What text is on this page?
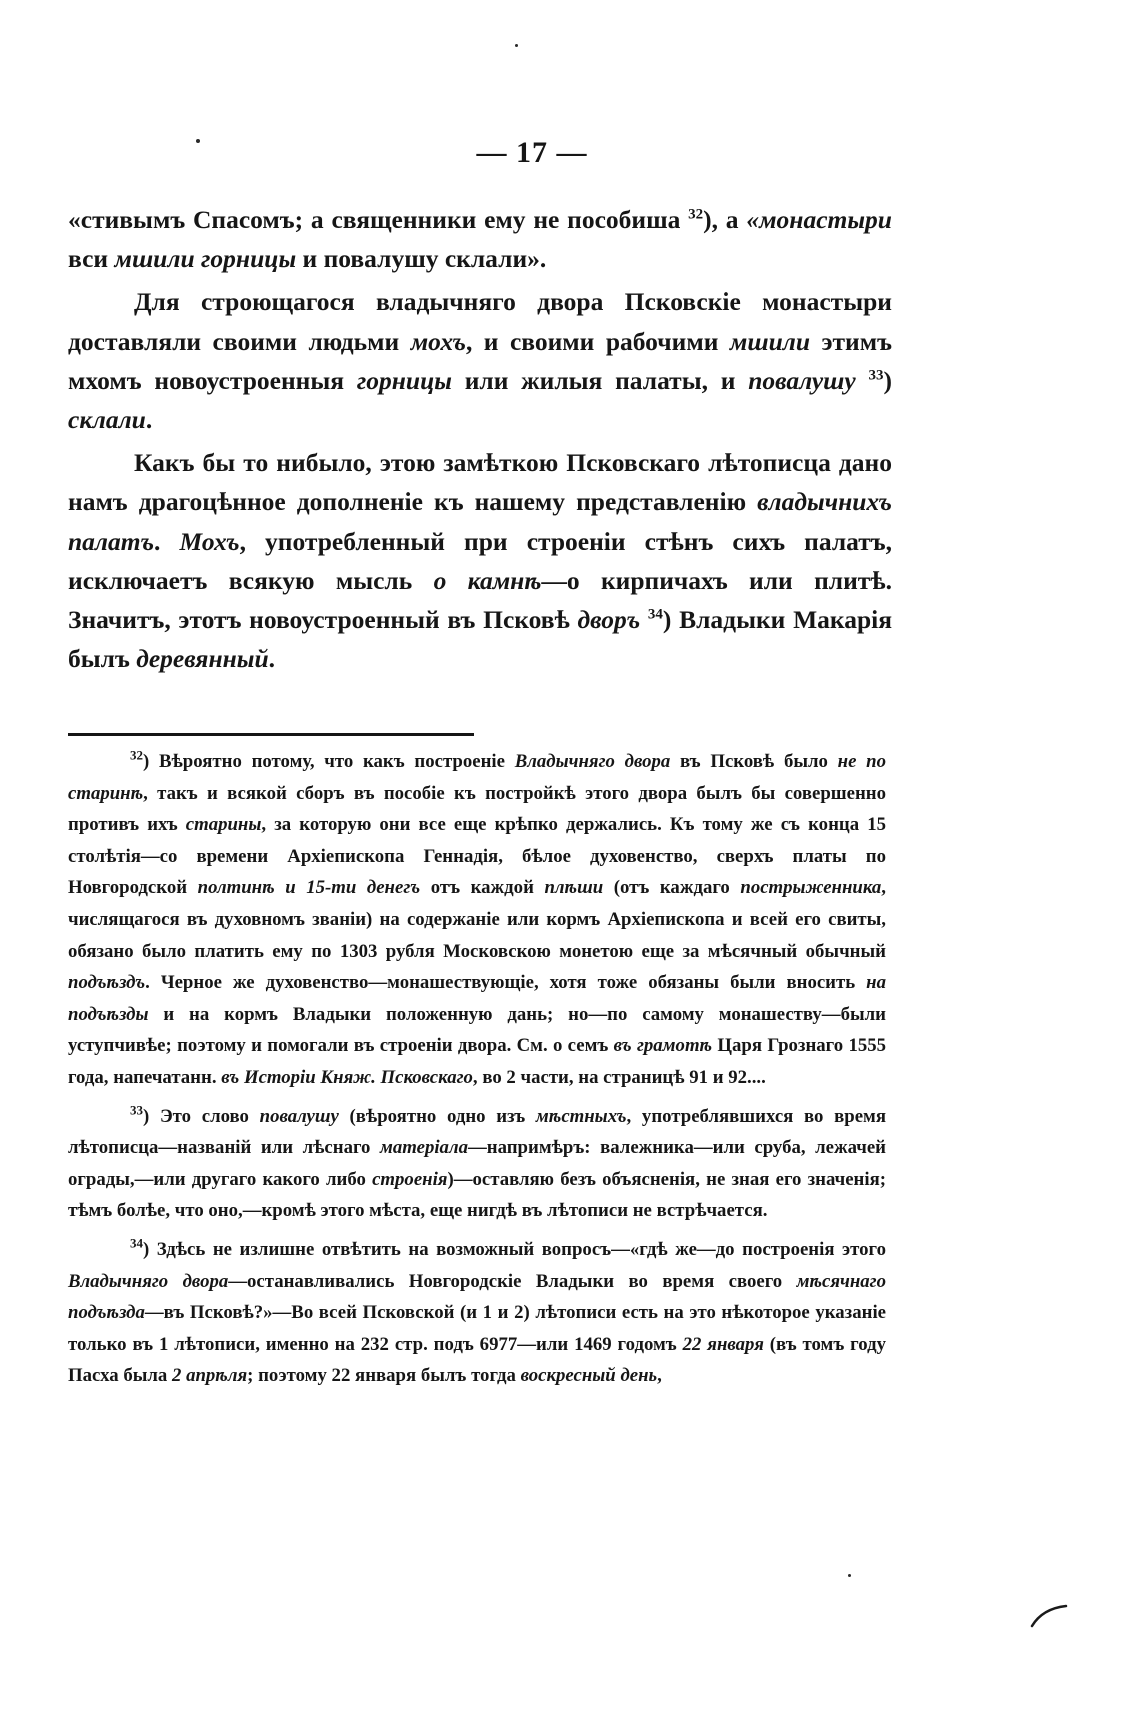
— 17 —

«стивымъ Спасомъ; а священники ему не пособиша $^{32}$), а «монастыри вси мшили горницы и повалушу склали».

Для строющагося владычняго двора Псковскіе монастыри доставляли своими людьми мохъ, и своими рабочими мшили этимъ мхомъ новоустроенныя горницы или жилыя палаты, и повалушу $^{33}$) склали.

Какъ бы то нибыло, этою замѣткою Псковскаго лѣтописца дано намъ драгоцѣнное дополненіе къ нашему представленію владычнихъ палатъ. Мохъ, употребленный при строеніи стѣнъ сихъ палатъ, исключаетъ всякую мысль о камнѣ—о кирпичахъ или плитѣ. Значитъ, этотъ новоустроенный въ Псковѣ дворъ $^{34}$) Владыки Макарія былъ деревянный.

$^{32}$) Вѣроятно потому, что какъ построеніе Владычняго двора въ Псковѣ было не по старинѣ, такъ и всякой сборъ въ пособіе къ постройкѣ этого двора былъ бы совершенно противъ ихъ старины, за которую они все еще крѣпко держались. Къ тому же съ конца 15 столѣтія—со времени Архіепископа Геннадія, бѣлое духовенство, сверхъ платы по Новгородской полтинѣ и 15-ти денегъ отъ каждой плѣши (отъ каждаго пострыженника, числящагося въ духовномъ званіи) на содержаніе или кормъ Архіепископа и всей его свиты, обязано было платить ему по 1303 рубля Московскою монетою еще за мѣсячный обычный подъѣздъ. Черное же духовенство—монашествующіе, хотя тоже обязаны были вносить на подъѣзды и на кормъ Владыки положенную дань; но—по самому монашеству—были уступчивѣе; поэтому и помогали въ строеніи двора. См. о семъ въ грамотѣ Царя Грознаго 1555 года, напечатанн. въ Исторіи Княж. Псковскаго, во 2 части, на страницѣ 91 и 92....

$^{33}$) Это слово повалушу (вѣроятно одно изъ мѣстныхъ, употреблявшихся во время лѣтописца—названій или лѣснаго матеріала—напримѣръ: валежника—или сруба, лежачей ограды,—или другаго какого либо строенія)—оставляю безъ объясненія, не зная его значенія; тѣмъ болѣе, что оно,—кромѣ этого мѣста, еще нигдѣ въ лѣтописи не встрѣчается.

$^{34}$) Здѣсь не излишне отвѣтить на возможный вопросъ—«гдѣ же—до построенія этого Владычняго двора—останавливались Новгородскіе Владыки во время своего мѣсячнаго подъѣзда—въ Псковѣ?»—Во всей Псковской (и 1 и 2) лѣтописи есть на это нѣкоторое указаніе только въ 1 лѣтописи, именно на 232 стр. подъ 6977—или 1469 годомъ 22 января (въ томъ году Пасха была 2 апрѣля; поэтому 22 января былъ тогда воскресный день,
